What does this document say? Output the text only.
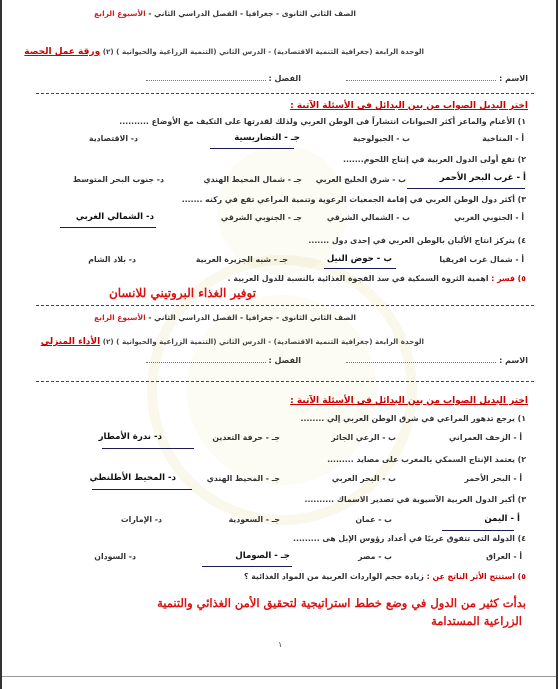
الصف الثاني الثانوى - جغرافيا - الفصل الدراسي الثاني - الأسبوع الرابع
الوحدة الرابعة (جغرافية التنمية الاقتصادية) - الدرس الثاني (التنمية الزراعية والحيوانية ) (٢) ورقة عمل الحصة
الاسم :
الفصل :
اختر البديل الصواب من بين البدائل فى الأسئلة الآتية :
١) الأغنام والماعز أكثر الحيوانات انتشاراً فى الوطن العربي ولذلك لقدرتها على التكيف مع الأوضاع ..........
أ - المناخية
ب - الجيولوجية
جـ - التضاريسية
د- الاقتصادية
٢) تقع أولى الدول العربية في إنتاج اللحوم.......
أ - غرب البحر الأحمر
ب - شرق الخليج العربي
جـ - شمال المحيط الهندي
د- جنوب البحر المتوسط
٣) أكثر دول الوطن العربي في إقامة الجمعيات الرعوية وتنمية المراعي تقع في ركنه .......
أ - الجنوبي الغربي
ب - الشمالي الشرقي
جـ - الجنوبي الشرقي
د- الشمالي الغربي
٤) يتركز انتاج الألبان بالوطن العربي في إحدى دول .......
أ - شمال غرب افريقيا
ب - حوض النيل
جـ - شبه الجزيرة العربية
د- بلاد الشام
٥) فسر : اهمية الثروة السمكية في سد الفجوة الغذائية بالنسبة للدول العربية .
توفير الغذاء البروتيني للانسان
الصف الثاني الثانوى - جغرافيا - الفصل الدراسي الثاني - الأسبوع الرابع
الوحدة الرابعة (جغرافية التنمية الاقتصادية) - الدرس الثاني (التنمية الزراعية والحيوانية ) (٢) الأداء المنزلي
الاسم :
الفصل :
اختر البديل الصواب من بين البدائل فى الأسئلة الآتية :
١) يرجع تدهور المراعي في شرق الوطن العربي إلي ........
أ - الزحف العمراني
ب - الرعي الجائر
جـ - حرفة التعدين
د- ندرة الأمطار
٢) يعتمد الإنتاج السمكي بالمغرب على مصايد .........
أ - البحر الأحمر
ب - البحر العربي
جـ - المحيط الهندي
د- المحيط الأطلنطي
٣) أكبر الدول العربية الآسيوية في تصدير الاسماك ..........
أ - اليمن
ب - عمان
جـ - السعودية
د- الإمارات
٤) الدولة التى تتفوق عربيًا في أعداد رؤوس الإبل هى .........
أ - العراق
ب - مصر
جـ - الصومال
د- السودان
٥) استنتج الأثر الناتج عن : زيادة حجم الواردات العربية من المواد الغذائية ؟
بدأت كثير من الدول في وضع خطط استراتيجية لتحقيق الأمن الغذائي والتنمية
الزراعية المستدامة
١
